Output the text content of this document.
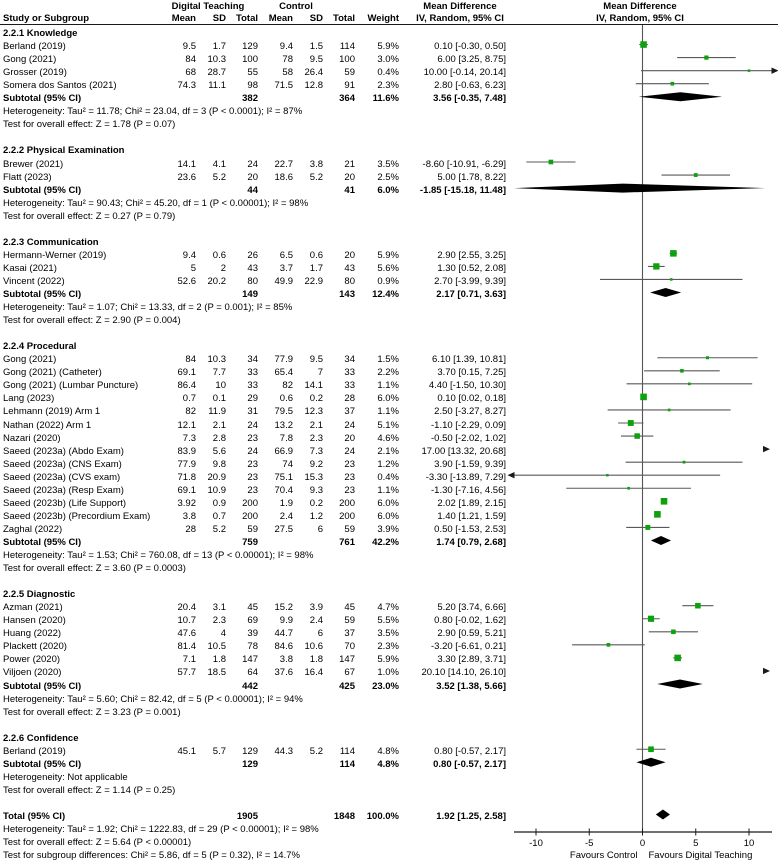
Digital Teaching	Control	Mean Difference	Mean Difference
Study or Subgroup	Mean SD Total Mean SD Total Weight	IV, Random, 95% CI	IV, Random, 95% CI
2.2.1 Knowledge
Berland (2019)	9.5 1.7 129 9.4 1.5 114 5.9%	0.10 [-0.30, 0.50]
Gong (2021)	84 10.3 100	78 9.5 100 3.0%	6.00 [3.25, 8.75]
Grosser (2019)	68 28.7 55	58 26.4 59 0.4%	10.00 [-0.14, 20.14]
Somera dos Santos (2021)	74.3 11.1 98 71.5 12.8 91 2.3%	2.80 [-0.63, 6.23]
Subtotal (95% CI)	382	364 11.6%	3.56 [-0.35, 7.48]
Heterogeneity: Tau² = 11.78; Chi² = 23.04, df = 3 (P < 0.0001); I² = 87%
Test for overall effect: Z = 1.78 (P = 0.07)
2.2.2 Physical Examination
Brewer (2021)	14.1 4.1 24 22.7 3.8 21 3.5% -8.60 [-10.91, -6.29]
Flatt (2023)	23.6 5.2 20 18.6 5.2 20 2.5%	5.00 [1.78, 8.22]
Subtotal (95% CI)	44	41 6.0% -1.85 [-15.18, 11.48]
Heterogeneity: Tau² = 90.43; Chi² = 45.20, df = 1 (P < 0.00001); I² = 98%
Test for overall effect: Z = 0.27 (P = 0.79)
2.2.3 Communication
Hermann-Werner (2019)	9.4 0.6 26 6.5 0.6 20 5.9%	2.90 [2.55, 3.25]
Kasai (2021)	5	2 43 3.7 1.7 43 5.6%	1.30 [0.52, 2.08]
Vincent (2022)	52.6 20.2 80 49.9 22.9 80 0.9%	2.70 [-3.99, 9.39]
Subtotal (95% CI)	149	143 12.4%	2.17 [0.71, 3.63]
Heterogeneity: Tau² = 1.07; Chi² = 13.33, df = 2 (P = 0.001); I² = 85%
Test for overall effect: Z = 2.90 (P = 0.004)
2.2.4 Procedural
Gong (2021)	84 10.3 34 77.9 9.5 34 1.5%	6.10 [1.39, 10.81]
Gong (2021) (Catheter)	69.1 7.7 33 65.4	7 33 2.2%	3.70 [0.15, 7.25]
Gong (2021) (Lumbar Puncture)	86.4 10 33	82 14.1 33 1.1%	4.40 [-1.50, 10.30]
Lang (2023)	0.7 0.1 29 0.6 0.2 28 6.0%	0.10 [0.02, 0.18]
Lehmann (2019) Arm 1	82 11.9 31 79.5 12.3 37 1.1%	2.50 [-3.27, 8.27]
Nathan (2022) Arm 1	12.1 2.1 24 13.2 2.1 24 5.1%	-1.10 [-2.29, 0.09]
Nazari (2020)	7.3 2.8 23 7.8 2.3 20 4.6%	-0.50 [-2.02, 1.02]
Saeed (2023a) (Abdo Exam)	83.9 5.6 24 66.9 7.3 24 2.1% 17.00 [13.32, 20.68]
Saeed (2023a) (CNS Exam)	77.9 9.8 23	74 9.2 23 1.2%	3.90 [-1.59, 9.39]
Saeed (2023a) (CVS exam)	71.8 20.9 23 75.1 15.3 23 0.4%	-3.30 [-13.89, 7.29]
Saeed (2023a) (Resp Exam)	69.1 10.9 23 70.4 9.3 23 1.1%	-1.30 [-7.16, 4.56]
Saeed (2023b) (Life Support)	3.92 0.9 200 1.9 0.2 200 6.0%	2.02 [1.89, 2.15]
Saeed (2023b) (Precordium Exam)	3.8 0.7 200 2.4 1.2 200 6.0%	1.40 [1.21, 1.59]
Zaghal (2022)	28 5.2 59 27.5	6 59 3.9%	0.50 [-1.53, 2.53]
Subtotal (95% CI)	759	761 42.2%	1.74 [0.79, 2.68]
Heterogeneity: Tau² = 1.53; Chi² = 760.08, df = 13 (P < 0.00001); I² = 98%
Test for overall effect: Z = 3.60 (P = 0.0003)
2.2.5 Diagnostic
Azman (2021)	20.4 3.1 45 15.2 3.9 45 4.7%	5.20 [3.74, 6.66]
Hansen (2020)	10.7 2.3 69 9.9 2.4 59 5.5%	0.80 [-0.02, 1.62]
Huang (2022)	47.6	4 39 44.7	6 37 3.5%	2.90 [0.59, 5.21]
Plackett (2020)	81.4 10.5 78 84.6 10.6 70 2.3%	-3.20 [-6.61, 0.21]
Power (2020)	7.1 1.8 147 3.8 1.8 147 5.9%	3.30 [2.89, 3.71]
Viljoen (2020)	57.7 18.5 64 37.6 16.4 67 1.0% 20.10 [14.10, 26.10]
Subtotal (95% CI)	442	425 23.0%	3.52 [1.38, 5.66]
Heterogeneity: Tau² = 5.60; Chi² = 82.42, df = 5 (P < 0.00001); I² = 94%
Test for overall effect: Z = 3.23 (P = 0.001)
2.2.6 Confidence
Berland (2019)	45.1 5.7 129 44.3 5.2 114 4.8%	0.80 [-0.57, 2.17]
Subtotal (95% CI)	129	114 4.8%	0.80 [-0.57, 2.17]
Heterogeneity: Not applicable
Test for overall effect: Z = 1.14 (P = 0.25)
Total (95% CI)	1905	1848 100.0%	1.92 [1.25, 2.58]
Heterogeneity: Tau² = 1.92; Chi² = 1222.83, df = 29 (P < 0.00001); I² = 98%
Test for overall effect: Z = 5.64 (P < 0.00001)
Test for subgroup differences: Chi² = 5.86, df = 5 (P = 0.32), I² = 14.7%
-10	-5	0	5	10
Favours Control Favours Digital Teaching
